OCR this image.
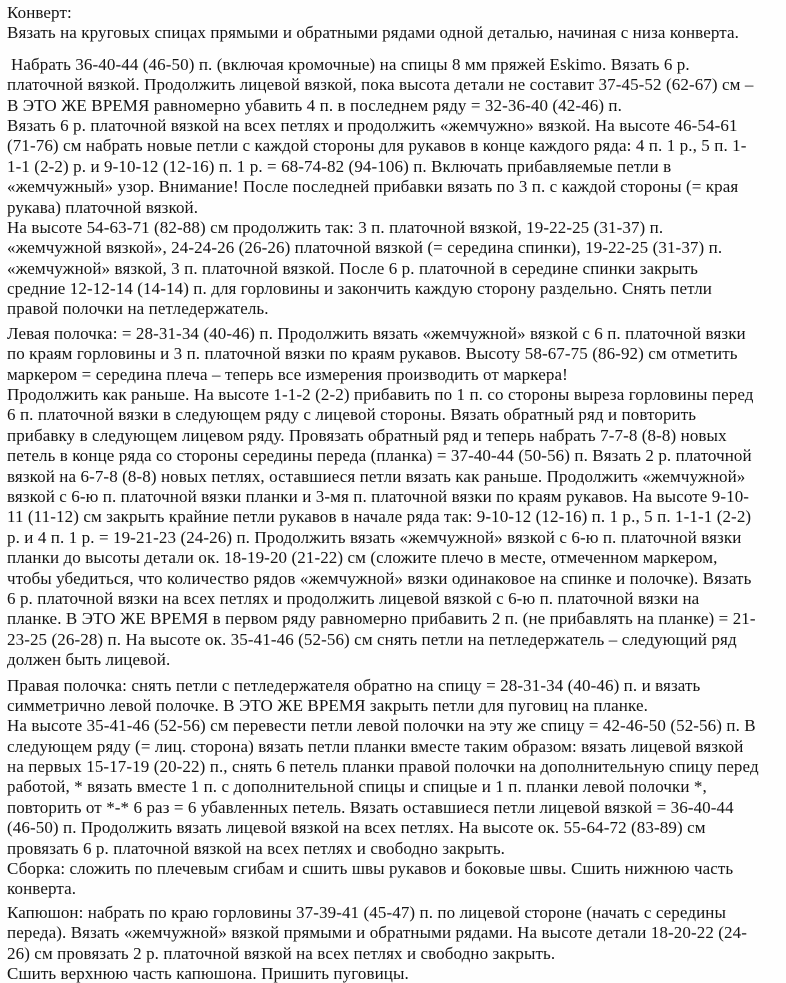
Конверт:

Вязать на круговых спицах прямыми и обратными рядами одной деталью, начиная с низа конверта.

Набрать 36-40-44 (46-50) п. (включая кромочные) на спицы 8 мм пряжей Eskimo. Вязать 6 р.
платочной вязкой. Продолжить лицевой вязкой, пока высота детали не составит 37-45-52 (62-67) см –
В ЭТО ЖЕ ВРЕМЯ равномерно убавить 4 п. в последнем ряду = 32-36-40 (42-46) п.

Вязать 6 р. платочной вязкой на всех петлях и продолжить «жемчужно» вязкой. На высоте 46-54-61
(71-76) см набрать новые петли с каждой стороны для рукавов в конце каждого ряда: 4 п. 1 р., 5 п. 1-
1-1 (2-2) р. и 9-10-12 (12-16) п. 1 р. = 68-74-82 (94-106) п. Включать прибавляемые петли в
«жемчужный» узор. Внимание! После последней прибавки вязать по 3 п. с каждой стороны (= края
рукава) платочной вязкой.

На высоте 54-63-71 (82-88) см продолжить так: 3 п. платочной вязкой, 19-22-25 (31-37) п.
«жемчужной вязкой», 24-24-26 (26-26) платочной вязкой (= середина спинки), 19-22-25 (31-37) п.
«жемчужной» вязкой, 3 п. платочной вязкой. После 6 р. платочной в середине спинки закрыть
средние 12-12-14 (14-14) п. для горловины и закончить каждую сторону раздельно. Снять петли
правой полочки на петледержатель.

Левая полочка: = 28-31-34 (40-46) п. Продолжить вязать «жемчужной» вязкой с 6 п. платочной вязки
по краям горловины и 3 п. платочной вязки по краям рукавов. Высоту 58-67-75 (86-92) см отметить
маркером = середина плеча – теперь все измерения производить от маркера!

Продолжить как раньше. На высоте 1-1-2 (2-2) прибавить по 1 п. со стороны выреза горловины перед
6 п. платочной вязки в следующем ряду с лицевой стороны. Вязать обратный ряд и повторить
прибавку в следующем лицевом ряду. Провязать обратный ряд и теперь набрать 7-7-8 (8-8) новых
петель в конце ряда со стороны середины переда (планка) = 37-40-44 (50-56) п. Вязать 2 р. платочной
вязкой на 6-7-8 (8-8) новых петлях, оставшиеся петли вязать как раньше. Продолжить «жемчужной»
вязкой с 6-ю п. платочной вязки планки и 3-мя п. платочной вязки по краям рукавов. На высоте 9-10-
11 (11-12) см закрыть крайние петли рукавов в начале ряда так: 9-10-12 (12-16) п. 1 р., 5 п. 1-1-1 (2-2)
р. и 4 п. 1 р. = 19-21-23 (24-26) п. Продолжить вязать «жемчужной» вязкой с 6-ю п. платочной вязки
планки до высоты детали ок. 18-19-20 (21-22) см (сложите плечо в месте, отмеченном маркером,
чтобы убедиться, что количество рядов «жемчужной» вязки одинаковое на спинке и полочке). Вязать
6 р. платочной вязки на всех петлях и продолжить лицевой вязкой с 6-ю п. платочной вязки на
планке. В ЭТО ЖЕ ВРЕМЯ в первом ряду равномерно прибавить 2 п. (не прибавлять на планке) = 21-
23-25 (26-28) п. На высоте ок. 35-41-46 (52-56) см снять петли на петледержатель – следующий ряд
должен быть лицевой.

Правая полочка: снять петли с петледержателя обратно на спицу = 28-31-34 (40-46) п. и вязать
симметрично левой полочке. В ЭТО ЖЕ ВРЕМЯ закрыть петли для пуговиц на планке.

На высоте 35-41-46 (52-56) см перевести петли левой полочки на эту же спицу = 42-46-50 (52-56) п. В
следующем ряду (= лиц. сторона) вязать петли планки вместе таким образом: вязать лицевой вязкой
на первых 15-17-19 (20-22) п., снять 6 петель планки правой полочки на дополнительную спицу перед
работой, * вязать вместе 1 п. с дополнительной спицы и спицые и 1 п. планки левой полочки *,
повторить от *-* 6 раз = 6 убавленных петель. Вязать оставшиеся петли лицевой вязкой = 36-40-44
(46-50) п. Продолжить вязать лицевой вязкой на всех петлях. На высоте ок. 55-64-72 (83-89) см
провязать 6 р. платочной вязкой на всех петлях и свободно закрыть.

Сборка: сложить по плечевым сгибам и сшить швы рукавов и боковые швы. Сшить нижнюю часть
конверта.

Капюшон: набрать по краю горловины 37-39-41 (45-47) п. по лицевой стороне (начать с середины
переда). Вязать «жемчужной» вязкой прямыми и обратными рядами. На высоте детали 18-20-22 (24-
26) см провязать 2 р. платочной вязкой на всех петлях и свободно закрыть.

Сшить верхнюю часть капюшона. Пришить пуговицы.
